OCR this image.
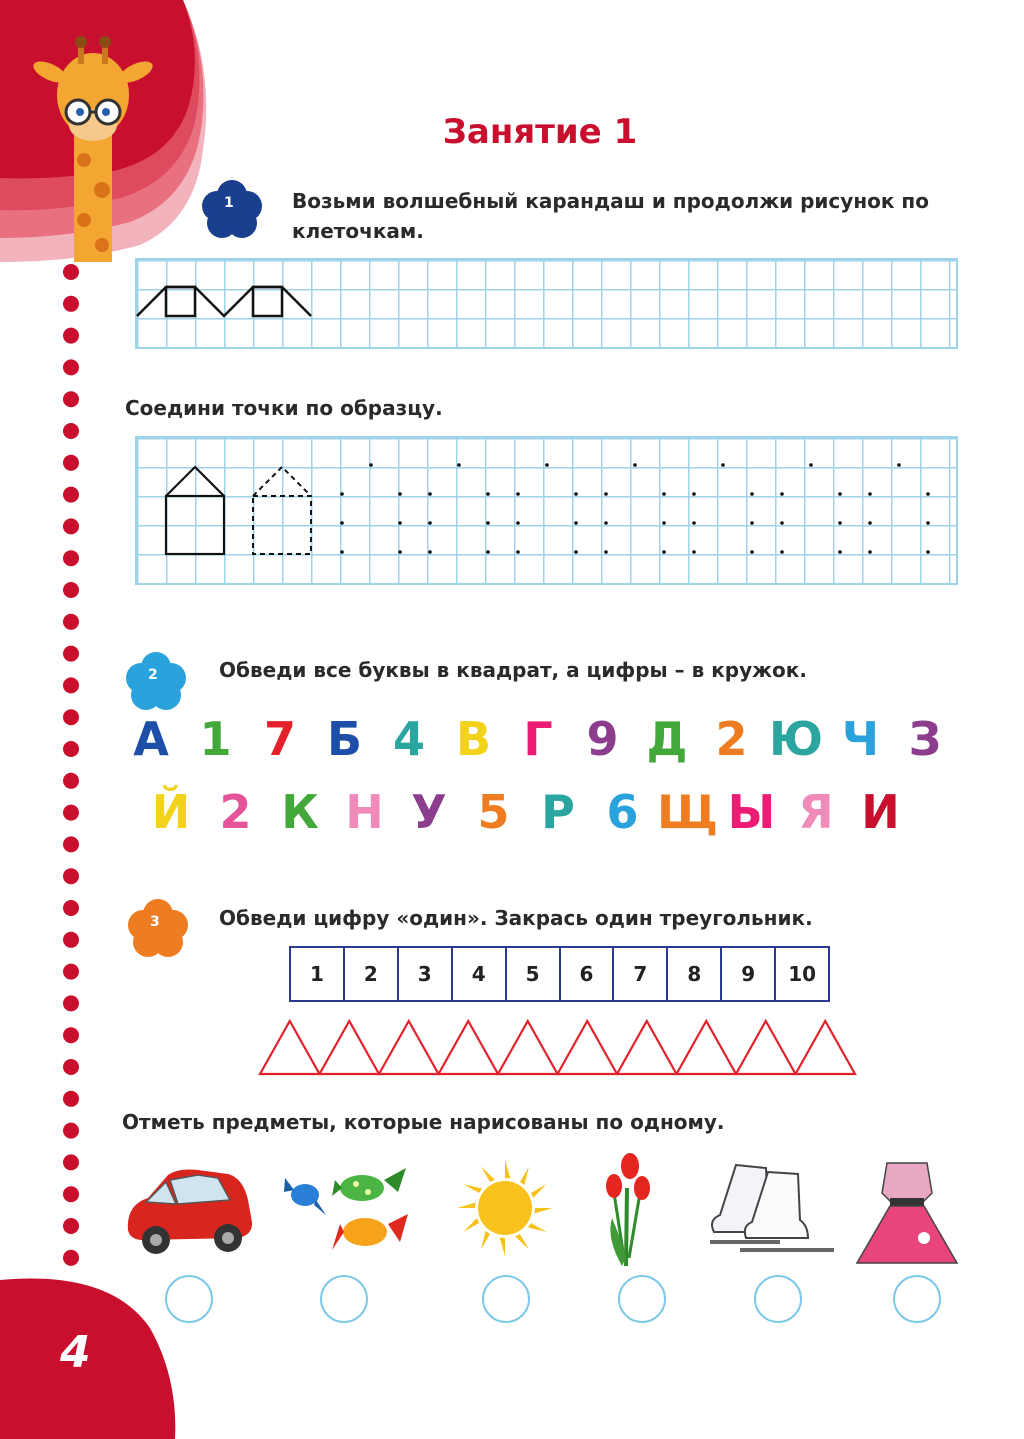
4
Занятие 1
1	Возьми волшебный карандаш и продолжи рисунок по клеточкам.
Соедини точки по образцу.
2	Обведи все буквы в квадрат, а цифры – в кружок.
А 1 7 Б 4 В Г 9 Д 2 Ю Ч З
Й 2 К Н У 5 Р 6 Щ Ы Я И
3	Обведи цифру «один». Закрась один треугольник.
1	2	3	4	5	6	7	8	9	10
Отметь предметы, которые нарисованы по одному.
